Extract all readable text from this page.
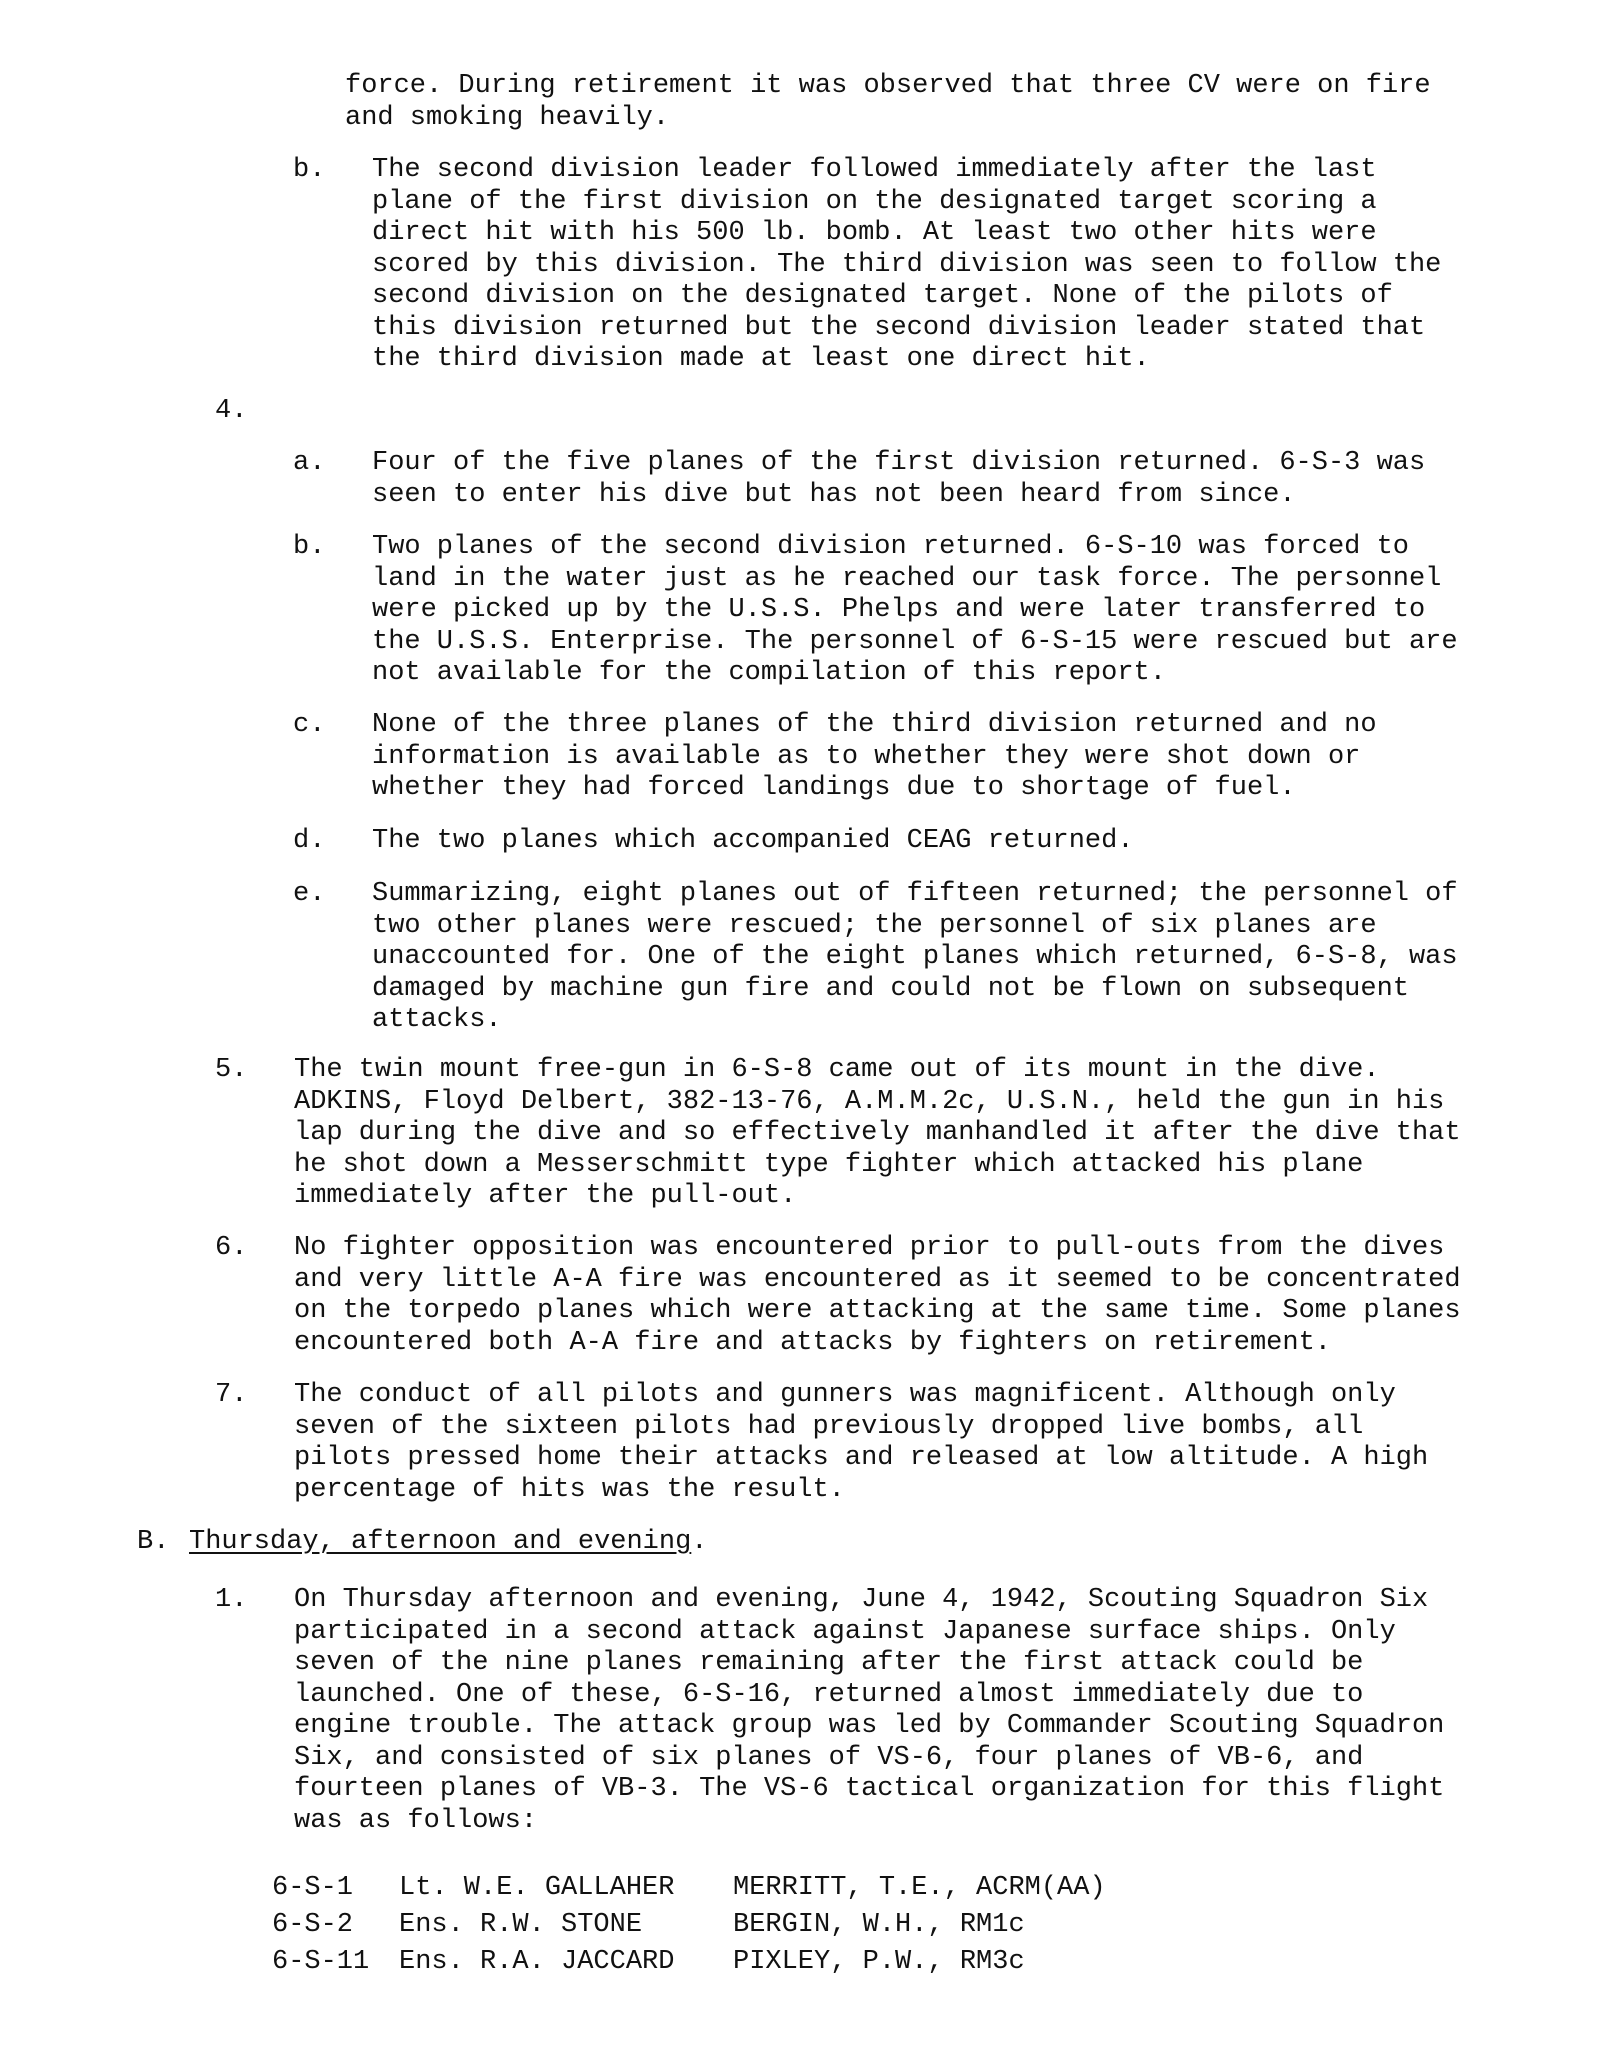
force. During retirement it was observed that three CV were on fire
and smoking heavily.

b.	The second division leader followed immediately after the last
plane of the first division on the designated target scoring a
direct hit with his 500 lb. bomb. At least two other hits were
scored by this division. The third division was seen to follow the
second division on the designated target. None of the pilots of
this division returned but the second division leader stated that
the third division made at least one direct hit.

4.
a.	Four of the five planes of the first division returned. 6-S-3 was
seen to enter his dive but has not been heard from since.

b.	Two planes of the second division returned. 6-S-10 was forced to
land in the water just as he reached our task force. The personnel
were picked up by the U.S.S. Phelps and were later transferred to
the U.S.S. Enterprise. The personnel of 6-S-15 were rescued but are
not available for the compilation of this report.

c.	None of the three planes of the third division returned and no
information is available as to whether they were shot down or
whether they had forced landings due to shortage of fuel.

d.	The two planes which accompanied CEAG returned.

e.	Summarizing, eight planes out of fifteen returned; the personnel of
two other planes were rescued; the personnel of six planes are
unaccounted for. One of the eight planes which returned, 6-S-8, was
damaged by machine gun fire and could not be flown on subsequent
attacks.

5.	The twin mount free-gun in 6-S-8 came out of its mount in the dive.
ADKINS, Floyd Delbert, 382-13-76, A.M.M.2c, U.S.N., held the gun in his
lap during the dive and so effectively manhandled it after the dive that
he shot down a Messerschmitt type fighter which attacked his plane
immediately after the pull-out.

6.	No fighter opposition was encountered prior to pull-outs from the dives
and very little A-A fire was encountered as it seemed to be concentrated
on the torpedo planes which were attacking at the same time. Some planes
encountered both A-A fire and attacks by fighters on retirement.

7.	The conduct of all pilots and gunners was magnificent. Although only
seven of the sixteen pilots had previously dropped live bombs, all
pilots pressed home their attacks and released at low altitude. A high
percentage of hits was the result.

B. Thursday, afternoon and evening.
1.	On Thursday afternoon and evening, June 4, 1942, Scouting Squadron Six
participated in a second attack against Japanese surface ships. Only
seven of the nine planes remaining after the first attack could be
launched. One of these, 6-S-16, returned almost immediately due to
engine trouble. The attack group was led by Commander Scouting Squadron
Six, and consisted of six planes of VS-6, four planes of VB-6, and
fourteen planes of VB-3. The VS-6 tactical organization for this flight
was as follows:

6-S-1	Lt. W.E. GALLAHER	MERRITT, T.E., ACRM(AA)
6-S-2	Ens. R.W. STONE	BERGIN, W.H., RM1c
6-S-11	Ens. R.A. JACCARD	PIXLEY, P.W., RM3c
